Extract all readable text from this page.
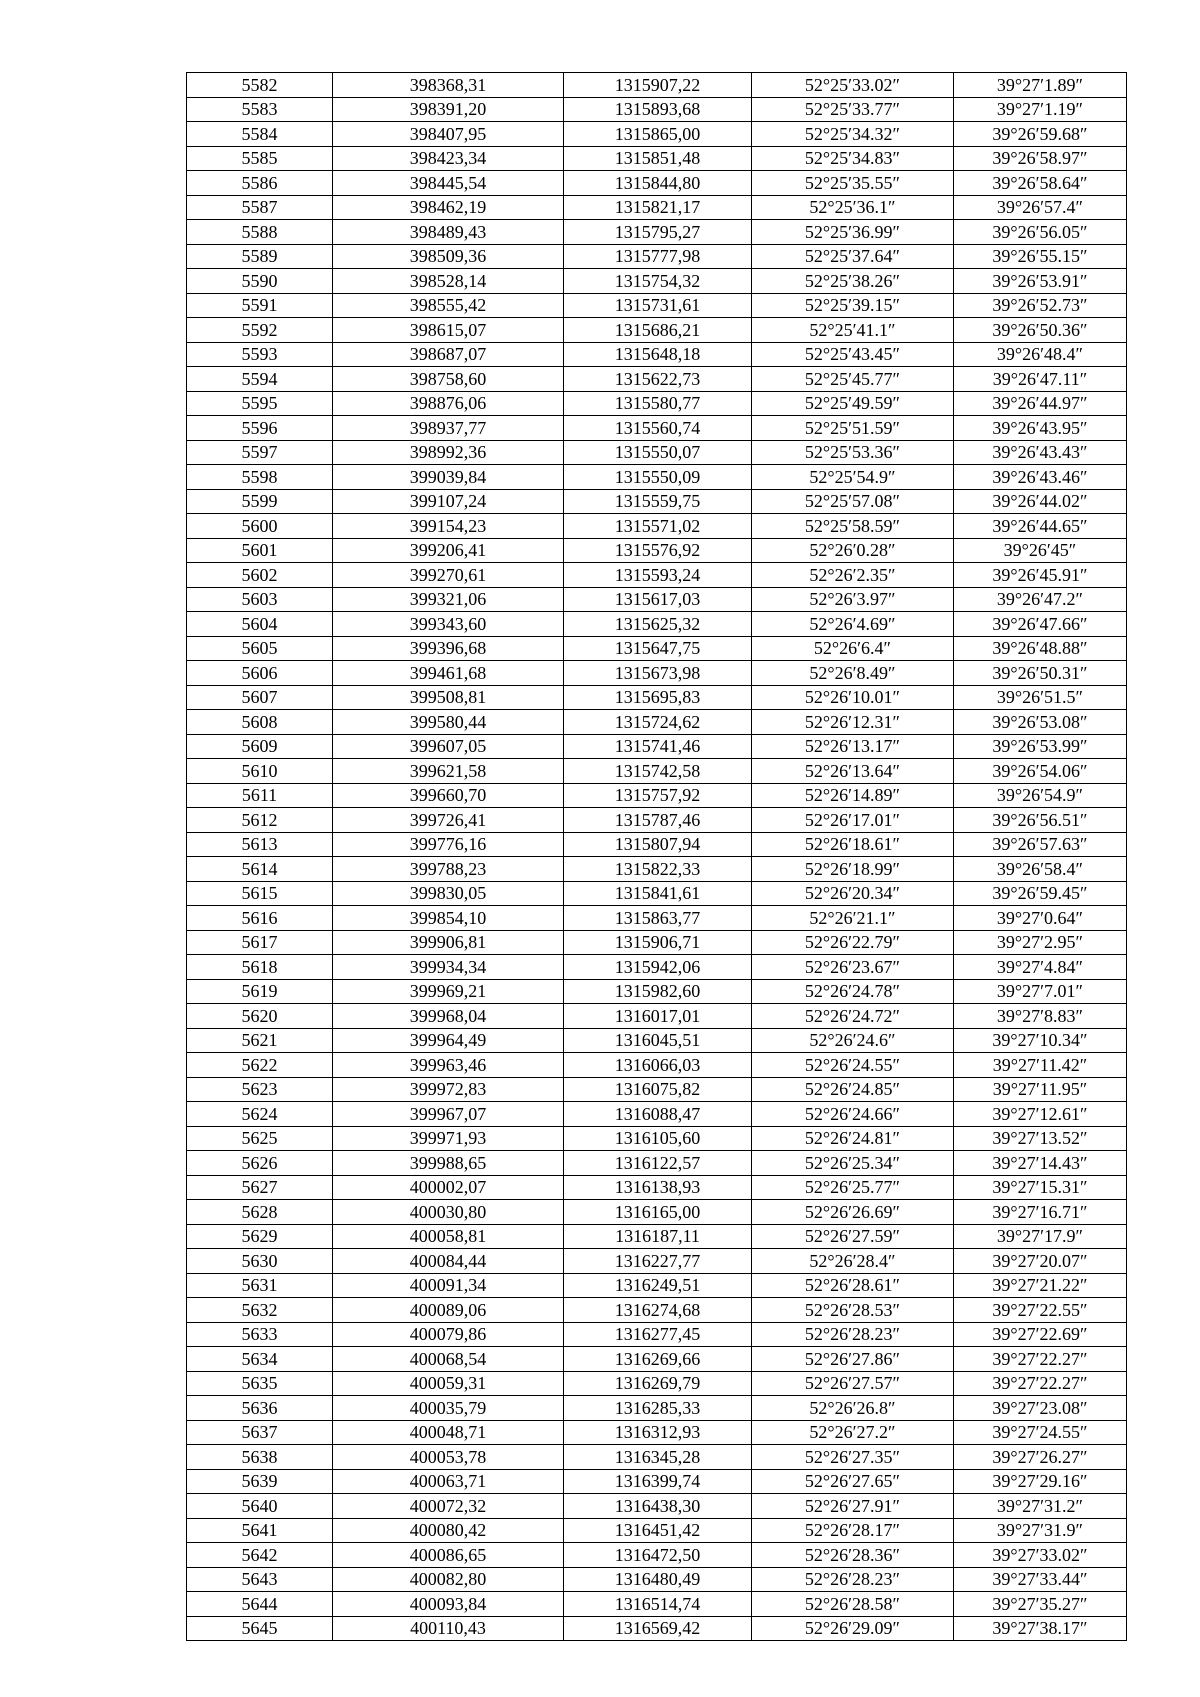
5582	398368,31	1315907,22	52°25′33.02″	39°27′1.89″
5583	398391,20	1315893,68	52°25′33.77″	39°27′1.19″
5584	398407,95	1315865,00	52°25′34.32″	39°26′59.68″
5585	398423,34	1315851,48	52°25′34.83″	39°26′58.97″
5586	398445,54	1315844,80	52°25′35.55″	39°26′58.64″
5587	398462,19	1315821,17	52°25′36.1″	39°26′57.4″
5588	398489,43	1315795,27	52°25′36.99″	39°26′56.05″
5589	398509,36	1315777,98	52°25′37.64″	39°26′55.15″
5590	398528,14	1315754,32	52°25′38.26″	39°26′53.91″
5591	398555,42	1315731,61	52°25′39.15″	39°26′52.73″
5592	398615,07	1315686,21	52°25′41.1″	39°26′50.36″
5593	398687,07	1315648,18	52°25′43.45″	39°26′48.4″
5594	398758,60	1315622,73	52°25′45.77″	39°26′47.11″
5595	398876,06	1315580,77	52°25′49.59″	39°26′44.97″
5596	398937,77	1315560,74	52°25′51.59″	39°26′43.95″
5597	398992,36	1315550,07	52°25′53.36″	39°26′43.43″
5598	399039,84	1315550,09	52°25′54.9″	39°26′43.46″
5599	399107,24	1315559,75	52°25′57.08″	39°26′44.02″
5600	399154,23	1315571,02	52°25′58.59″	39°26′44.65″
5601	399206,41	1315576,92	52°26′0.28″	39°26′45″
5602	399270,61	1315593,24	52°26′2.35″	39°26′45.91″
5603	399321,06	1315617,03	52°26′3.97″	39°26′47.2″
5604	399343,60	1315625,32	52°26′4.69″	39°26′47.66″
5605	399396,68	1315647,75	52°26′6.4″	39°26′48.88″
5606	399461,68	1315673,98	52°26′8.49″	39°26′50.31″
5607	399508,81	1315695,83	52°26′10.01″	39°26′51.5″
5608	399580,44	1315724,62	52°26′12.31″	39°26′53.08″
5609	399607,05	1315741,46	52°26′13.17″	39°26′53.99″
5610	399621,58	1315742,58	52°26′13.64″	39°26′54.06″
5611	399660,70	1315757,92	52°26′14.89″	39°26′54.9″
5612	399726,41	1315787,46	52°26′17.01″	39°26′56.51″
5613	399776,16	1315807,94	52°26′18.61″	39°26′57.63″
5614	399788,23	1315822,33	52°26′18.99″	39°26′58.4″
5615	399830,05	1315841,61	52°26′20.34″	39°26′59.45″
5616	399854,10	1315863,77	52°26′21.1″	39°27′0.64″
5617	399906,81	1315906,71	52°26′22.79″	39°27′2.95″
5618	399934,34	1315942,06	52°26′23.67″	39°27′4.84″
5619	399969,21	1315982,60	52°26′24.78″	39°27′7.01″
5620	399968,04	1316017,01	52°26′24.72″	39°27′8.83″
5621	399964,49	1316045,51	52°26′24.6″	39°27′10.34″
5622	399963,46	1316066,03	52°26′24.55″	39°27′11.42″
5623	399972,83	1316075,82	52°26′24.85″	39°27′11.95″
5624	399967,07	1316088,47	52°26′24.66″	39°27′12.61″
5625	399971,93	1316105,60	52°26′24.81″	39°27′13.52″
5626	399988,65	1316122,57	52°26′25.34″	39°27′14.43″
5627	400002,07	1316138,93	52°26′25.77″	39°27′15.31″
5628	400030,80	1316165,00	52°26′26.69″	39°27′16.71″
5629	400058,81	1316187,11	52°26′27.59″	39°27′17.9″
5630	400084,44	1316227,77	52°26′28.4″	39°27′20.07″
5631	400091,34	1316249,51	52°26′28.61″	39°27′21.22″
5632	400089,06	1316274,68	52°26′28.53″	39°27′22.55″
5633	400079,86	1316277,45	52°26′28.23″	39°27′22.69″
5634	400068,54	1316269,66	52°26′27.86″	39°27′22.27″
5635	400059,31	1316269,79	52°26′27.57″	39°27′22.27″
5636	400035,79	1316285,33	52°26′26.8″	39°27′23.08″
5637	400048,71	1316312,93	52°26′27.2″	39°27′24.55″
5638	400053,78	1316345,28	52°26′27.35″	39°27′26.27″
5639	400063,71	1316399,74	52°26′27.65″	39°27′29.16″
5640	400072,32	1316438,30	52°26′27.91″	39°27′31.2″
5641	400080,42	1316451,42	52°26′28.17″	39°27′31.9″
5642	400086,65	1316472,50	52°26′28.36″	39°27′33.02″
5643	400082,80	1316480,49	52°26′28.23″	39°27′33.44″
5644	400093,84	1316514,74	52°26′28.58″	39°27′35.27″
5645	400110,43	1316569,42	52°26′29.09″	39°27′38.17″
